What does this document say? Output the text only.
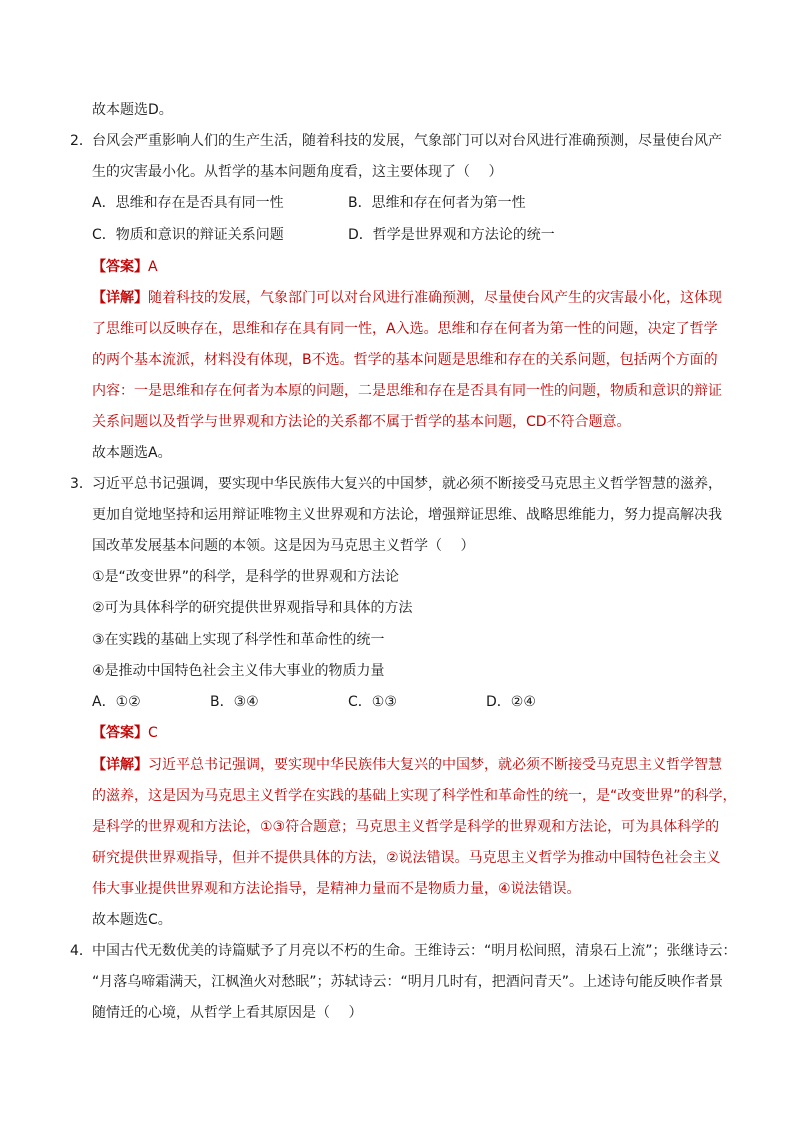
故本题选D。
2． 台风会严重影响人们的生产生活，随着科技的发展，气象部门可以对台风进行准确预测，尽量使台风产
生的灾害最小化。从哲学的基本问题角度看，这主要体现了（　 ）
A．思维和存在是否具有同一性	B．思维和存在何者为第一性
C．物质和意识的辩证关系问题	D．哲学是世界观和方法论的统一
【答案】A
【详解】随着科技的发展，气象部门可以对台风进行准确预测，尽量使台风产生的灾害最小化，这体现
了思维可以反映存在，思维和存在具有同一性，A入选。思维和存在何者为第一性的问题，决定了哲学
的两个基本流派，材料没有体现，B不选。哲学的基本问题是思维和存在的关系问题，包括两个方面的
内容：一是思维和存在何者为本原的问题，二是思维和存在是否具有同一性的问题，物质和意识的辩证
关系问题以及哲学与世界观和方法论的关系都不属于哲学的基本问题，CD不符合题意。
故本题选A。
3． 习近平总书记强调，要实现中华民族伟大复兴的中国梦，就必须不断接受马克思主义哲学智慧的滋养，
更加自觉地坚持和运用辩证唯物主义世界观和方法论，增强辩证思维、战略思维能力，努力提高解决我
国改革发展基本问题的本领。这是因为马克思主义哲学（　 ）
①是“改变世界”的科学，是科学的世界观和方法论
②可为具体科学的研究提供世界观指导和具体的方法
③在实践的基础上实现了科学性和革命性的统一
④是推动中国特色社会主义伟大事业的物质力量
A．①②	B．③④	C．①③	D．②④
【答案】C
【详解】习近平总书记强调，要实现中华民族伟大复兴的中国梦，就必须不断接受马克思主义哲学智慧
的滋养，这是因为马克思主义哲学在实践的基础上实现了科学性和革命性的统一，是“改变世界”的科学，
是科学的世界观和方法论，①③符合题意；马克思主义哲学是科学的世界观和方法论，可为具体科学的
研究提供世界观指导，但并不提供具体的方法，②说法错误。马克思主义哲学为推动中国特色社会主义
伟大事业提供世界观和方法论指导，是精神力量而不是物质力量，④说法错误。
故本题选C。
4． 中国古代无数优美的诗篇赋予了月亮以不朽的生命。王维诗云：“明月松间照，清泉石上流”；张继诗云：
“月落乌啼霜满天，江枫渔火对愁眠”；苏轼诗云：“明月几时有，把酒问青天”。上述诗句能反映作者景
随情迁的心境，从哲学上看其原因是（　 ）
